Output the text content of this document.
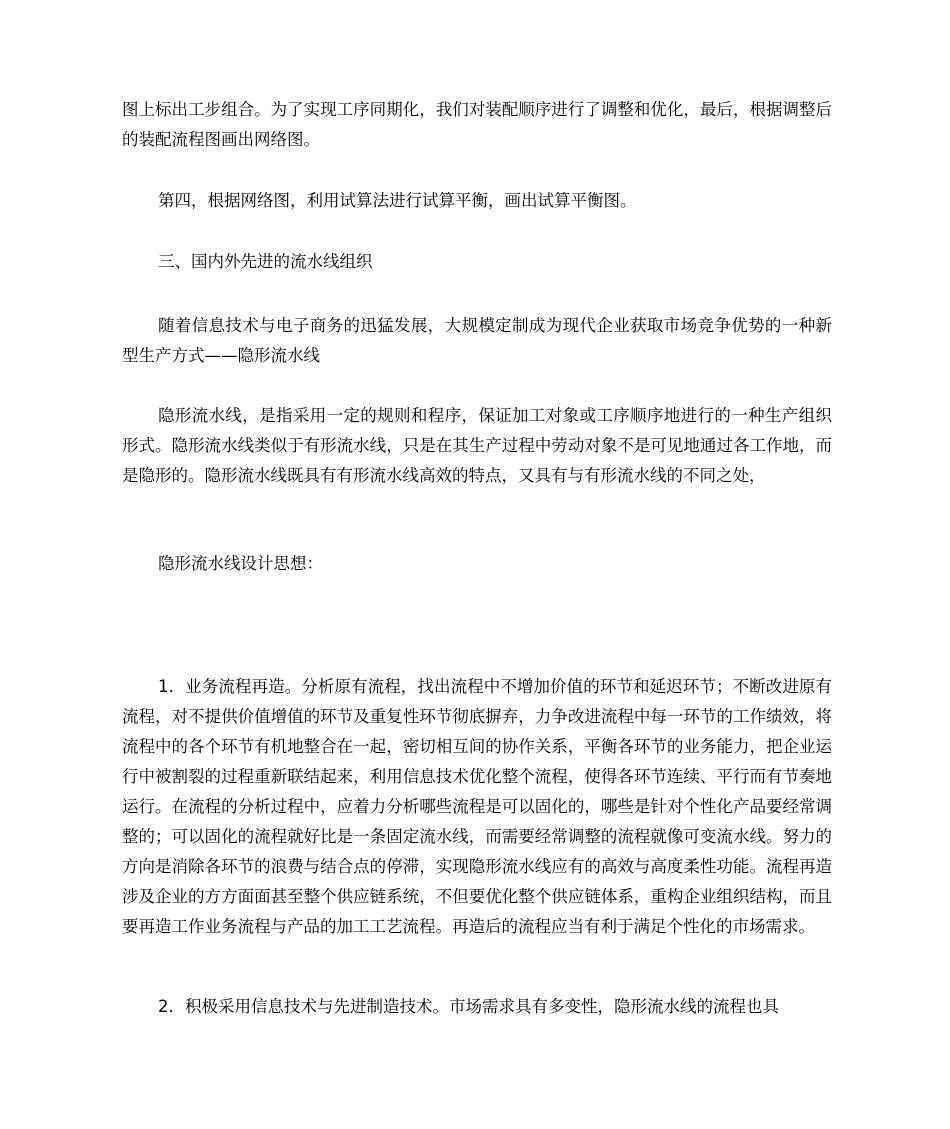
图上标出工步组合。为了实现工序同期化，我们对装配顺序进行了调整和优化，最后，根据调整后的装配流程图画出网络图。

第四，根据网络图，利用试算法进行试算平衡，画出试算平衡图。

三、国内外先进的流水线组织

随着信息技术与电子商务的迅猛发展，大规模定制成为现代企业获取市场竞争优势的一种新型生产方式——隐形流水线

隐形流水线，是指采用一定的规则和程序，保证加工对象或工序顺序地进行的一种生产组织形式。隐形流水线类似于有形流水线，只是在其生产过程中劳动对象不是可见地通过各工作地，而是隐形的。隐形流水线既具有有形流水线高效的特点，又具有与有形流水线的不同之处，

隐形流水线设计思想：

1．业务流程再造。分析原有流程，找出流程中不增加价值的环节和延迟环节；不断改进原有流程，对不提供价值增值的环节及重复性环节彻底摒弃，力争改进流程中每一环节的工作绩效，将流程中的各个环节有机地整合在一起，密切相互间的协作关系，平衡各环节的业务能力，把企业运行中被割裂的过程重新联结起来，利用信息技术优化整个流程，使得各环节连续、平行而有节奏地运行。在流程的分析过程中，应着力分析哪些流程是可以固化的，哪些是针对个性化产品要经常调整的；可以固化的流程就好比是一条固定流水线，而需要经常调整的流程就像可变流水线。努力的方向是消除各环节的浪费与结合点的停滞，实现隐形流水线应有的高效与高度柔性功能。流程再造涉及企业的方方面面甚至整个供应链系统，不但要优化整个供应链体系，重构企业组织结构，而且要再造工作业务流程与产品的加工工艺流程。再造后的流程应当有利于满足个性化的市场需求。

2．积极采用信息技术与先进制造技术。市场需求具有多变性，隐形流水线的流程也具
